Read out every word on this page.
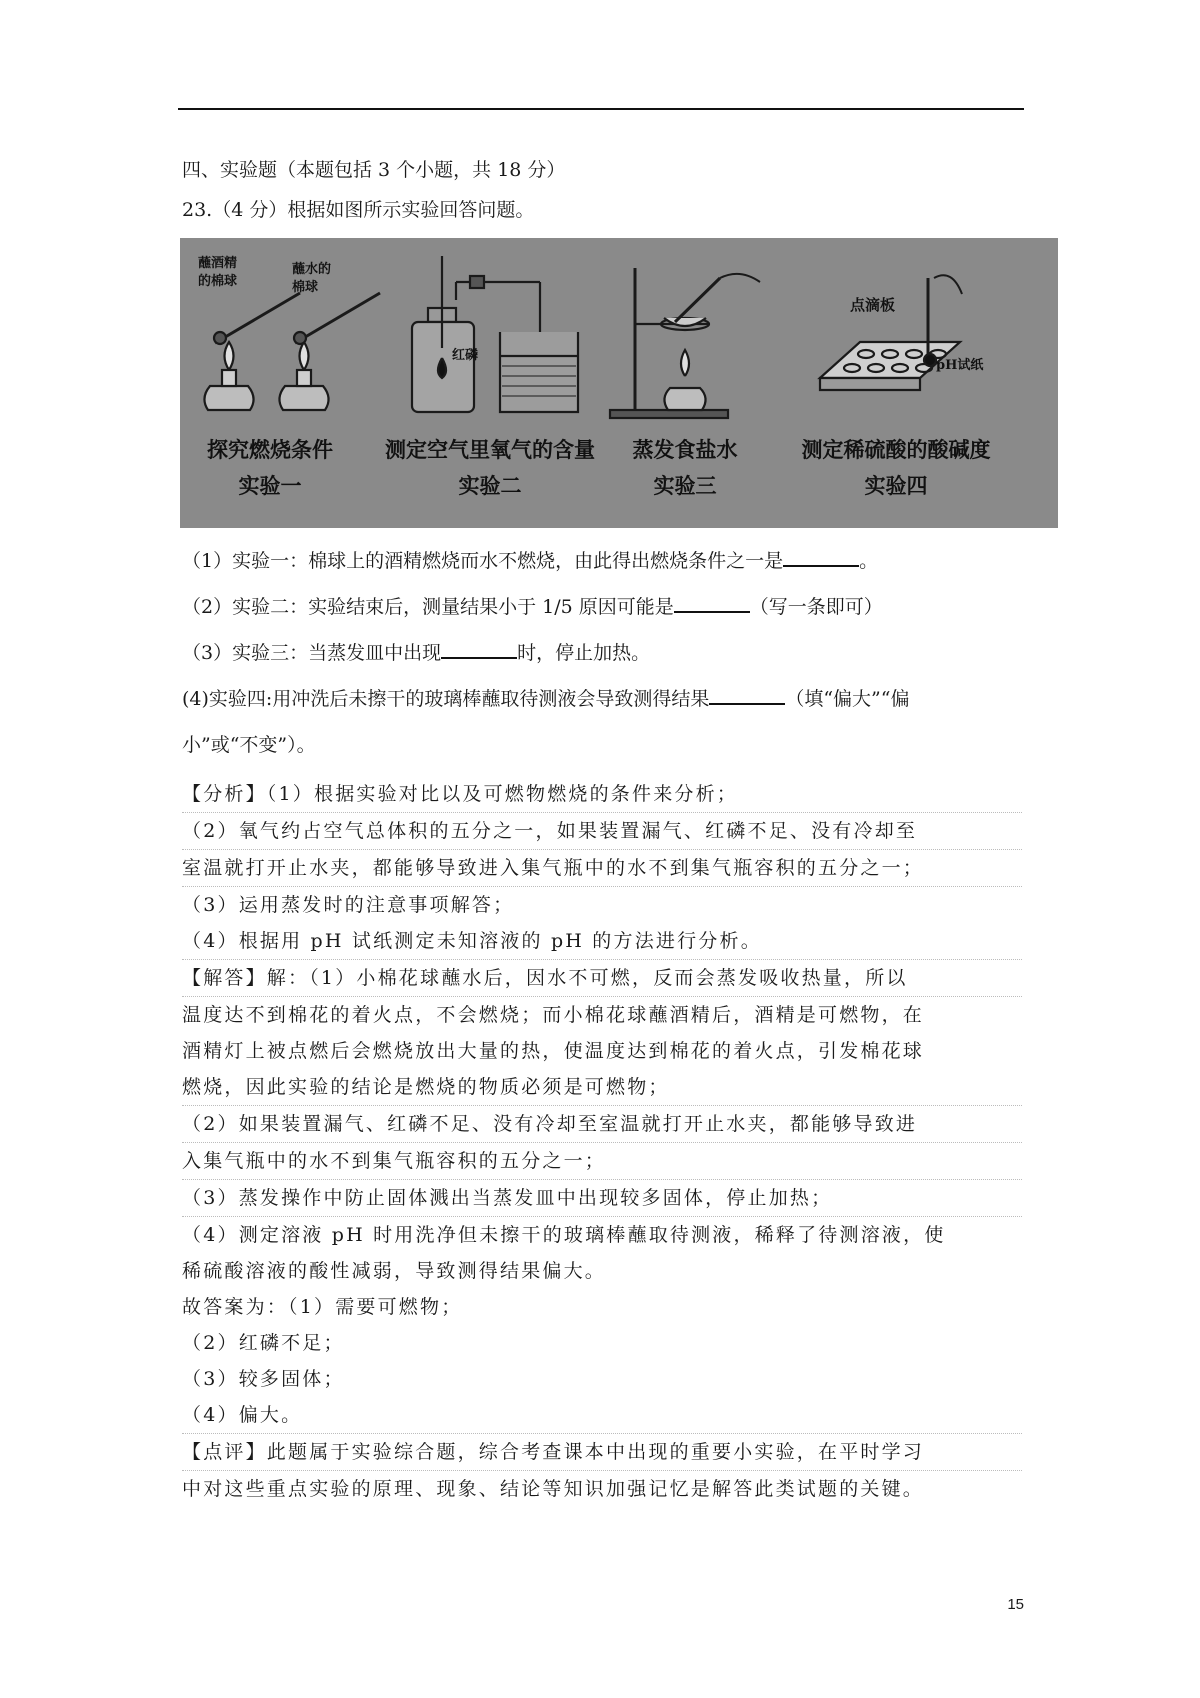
四、实验题（本题包括 3 个小题，共 18 分）
23.（4 分）根据如图所示实验回答问题。
蘸酒精
的棉球
蘸水的
棉球
红磷
点滴板
pH试纸
探究燃烧条件
实验一
测定空气里氧气的含量
实验二
蒸发食盐水
实验三
测定稀硫酸的酸碱度
实验四
（1）实验一：棉球上的酒精燃烧而水不燃烧，由此得出燃烧条件之一是	。
（2）实验二：实验结束后，测量结果小于 1/5 原因可能是	（写一条即可）
（3）实验三：当蒸发皿中出现	时，停止加热。
(4)实验四:用冲洗后未擦干的玻璃棒蘸取待测液会导致测得结果	（填“偏大”“偏
小”或“不变”）。
【分析】（1）根据实验对比以及可燃物燃烧的条件来分析；
（2）氧气约占空气总体积的五分之一，如果装置漏气、红磷不足、没有冷却至
室温就打开止水夹，都能够导致进入集气瓶中的水不到集气瓶容积的五分之一；
（3）运用蒸发时的注意事项解答；
（4）根据用 pH 试纸测定未知溶液的 pH 的方法进行分析。
【解答】解：（1）小棉花球蘸水后，因水不可燃，反而会蒸发吸收热量，所以
温度达不到棉花的着火点，不会燃烧；而小棉花球蘸酒精后，酒精是可燃物，在
酒精灯上被点燃后会燃烧放出大量的热，使温度达到棉花的着火点，引发棉花球
燃烧，因此实验的结论是燃烧的物质必须是可燃物；
（2）如果装置漏气、红磷不足、没有冷却至室温就打开止水夹，都能够导致进
入集气瓶中的水不到集气瓶容积的五分之一；
（3）蒸发操作中防止固体溅出当蒸发皿中出现较多固体，停止加热；
（4）测定溶液 pH 时用洗净但未擦干的玻璃棒蘸取待测液，稀释了待测溶液，使
稀硫酸溶液的酸性减弱，导致测得结果偏大。
故答案为：（1）需要可燃物；
（2）红磷不足；
（3）较多固体；
（4）偏大。
【点评】此题属于实验综合题，综合考查课本中出现的重要小实验，在平时学习
中对这些重点实验的原理、现象、结论等知识加强记忆是解答此类试题的关键。
15
